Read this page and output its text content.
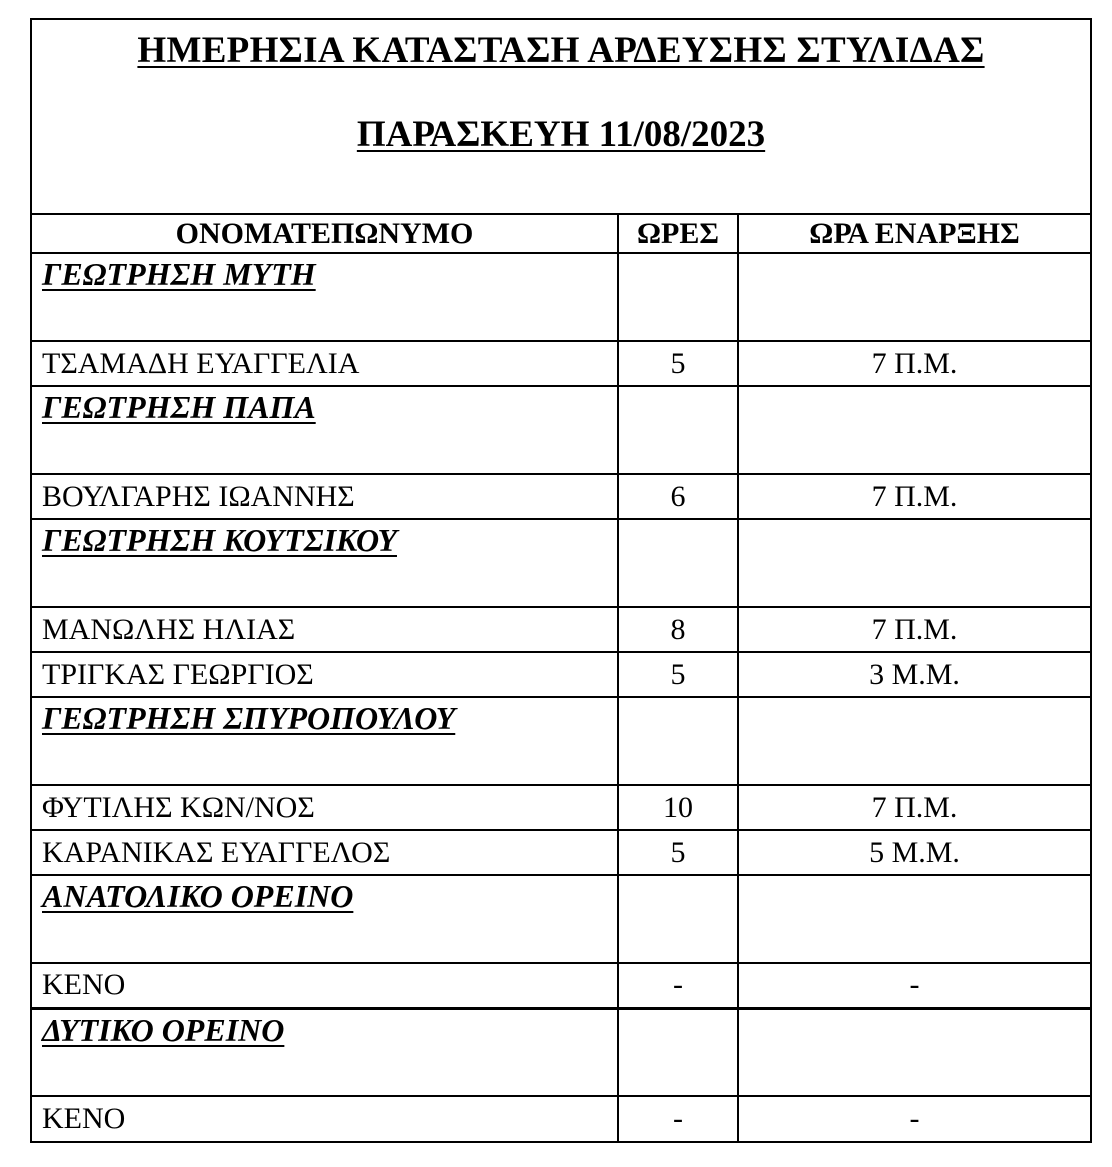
ΗΜΕΡΗΣΙΑ ΚΑΤΑΣΤΑΣΗ ΑΡΔΕΥΣΗΣ ΣΤΥΛΙΔΑΣ
ΠΑΡΑΣΚΕΥΗ 11/08/2023
ΟΝΟΜΑΤΕΠΩΝΥΜΟ	ΩΡΕΣ	ΩΡΑ ΕΝΑΡΞΗΣ

ΓΕΩΤΡΗΣΗ ΜΥΤΗ		

ΤΣΑΜΑΔΗ ΕΥΑΓΓΕΛΙΑ	5	7 Π.Μ.

ΓΕΩΤΡΗΣΗ ΠΑΠΑ		

ΒΟΥΛΓΑΡΗΣ ΙΩΑΝΝΗΣ	6	7 Π.Μ.

ΓΕΩΤΡΗΣΗ ΚΟΥΤΣΙΚΟΥ		

ΜΑΝΩΛΗΣ ΗΛΙΑΣ	8	7 Π.Μ.
ΤΡΙΓΚΑΣ ΓΕΩΡΓΙΟΣ	5	3 Μ.Μ.

ΓΕΩΤΡΗΣΗ ΣΠΥΡΟΠΟΥΛΟΥ		

ΦΥΤΙΛΗΣ ΚΩΝ/ΝΟΣ	10	7 Π.Μ.
ΚΑΡΑΝΙΚΑΣ ΕΥΑΓΓΕΛΟΣ	5	5 Μ.Μ.

ΑΝΑΤΟΛΙΚΟ ΟΡΕΙΝΟ		

ΚΕΝΟ	-	-

ΔΥΤΙΚΟ ΟΡΕΙΝΟ		

ΚΕΝΟ	-	-
